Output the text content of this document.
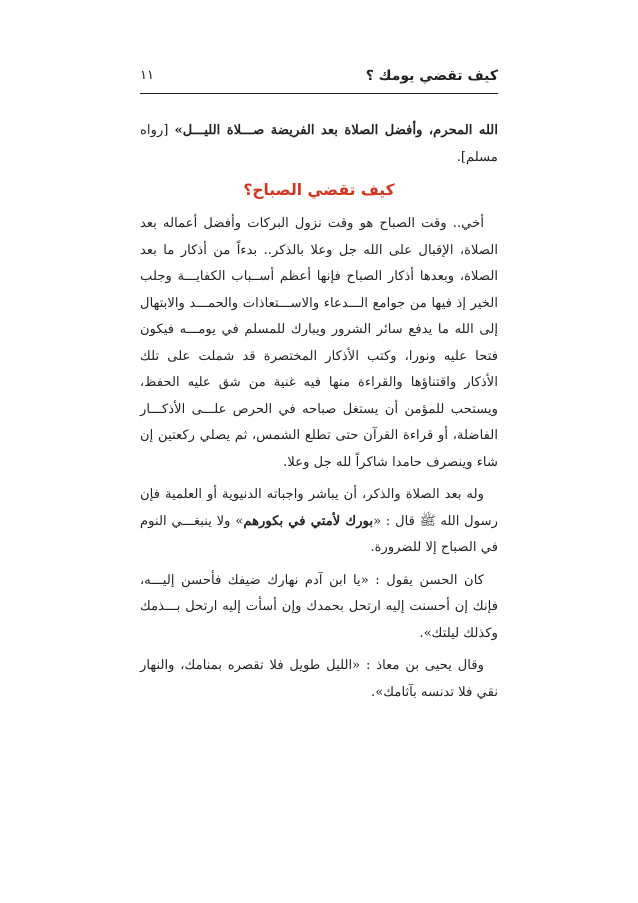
كيف تقضي يومك ؟
١١

الله المحرم، وأفضل الصلاة بعد الفريضة صـــلاة الليـــل» [رواه مسلم].

كيف تقضي الصباح؟

أخي.. وقت الصباح هو وقت نزول البركات وأفضل أعماله بعد الصلاة، الإقبال على الله جل وعلا بالذكر.. بدءاً من أذكار ما بعد الصلاة، وبعدها أذكار الصباح فإنها أعظم أســباب الكفايـــة وجلب الخير إذ فيها من جوامع الـــدعاء والاســـتعاذات والحمـــد والابتهال إلى الله ما يدفع سائر الشرور ويبارك للمسلم في يومـــه فيكون فتحا عليه ونورا، وكتب الأذكار المختصرة قد شملت على تلك الأذكار واقتناؤها والقراءة منها فيه غنية من شق عليه الحفظ، ويستحب للمؤمن أن يستغل صباحه في الحرص علـــى الأذكـــار الفاضلة، أو قراءة القرآن حتى تطلع الشمس، ثم يصلي ركعتين إن شاء وينصرف حامدا شاكراً لله جل وعلا.

وله بعد الصلاة والذكر، أن يباشر واجباته الدنيوية أو العلمية فإن رسول الله ﷺ قال : «بورك لأمتي في بكورهم» ولا ينبغـــي النوم في الصباح إلا للضرورة.

كان الحسن يقول : «يا ابن آدم نهارك ضيفك فأحسن إليـــه، فإنك إن أحسنت إليه ارتحل بحمدك وإن أسأت إليه ارتحل بـــذمك وكذلك ليلتك».

وقال يحيى بن معاذ : «الليل طويل فلا تقصره بمنامك، والنهار نقي فلا تدنسه بآثامك».
